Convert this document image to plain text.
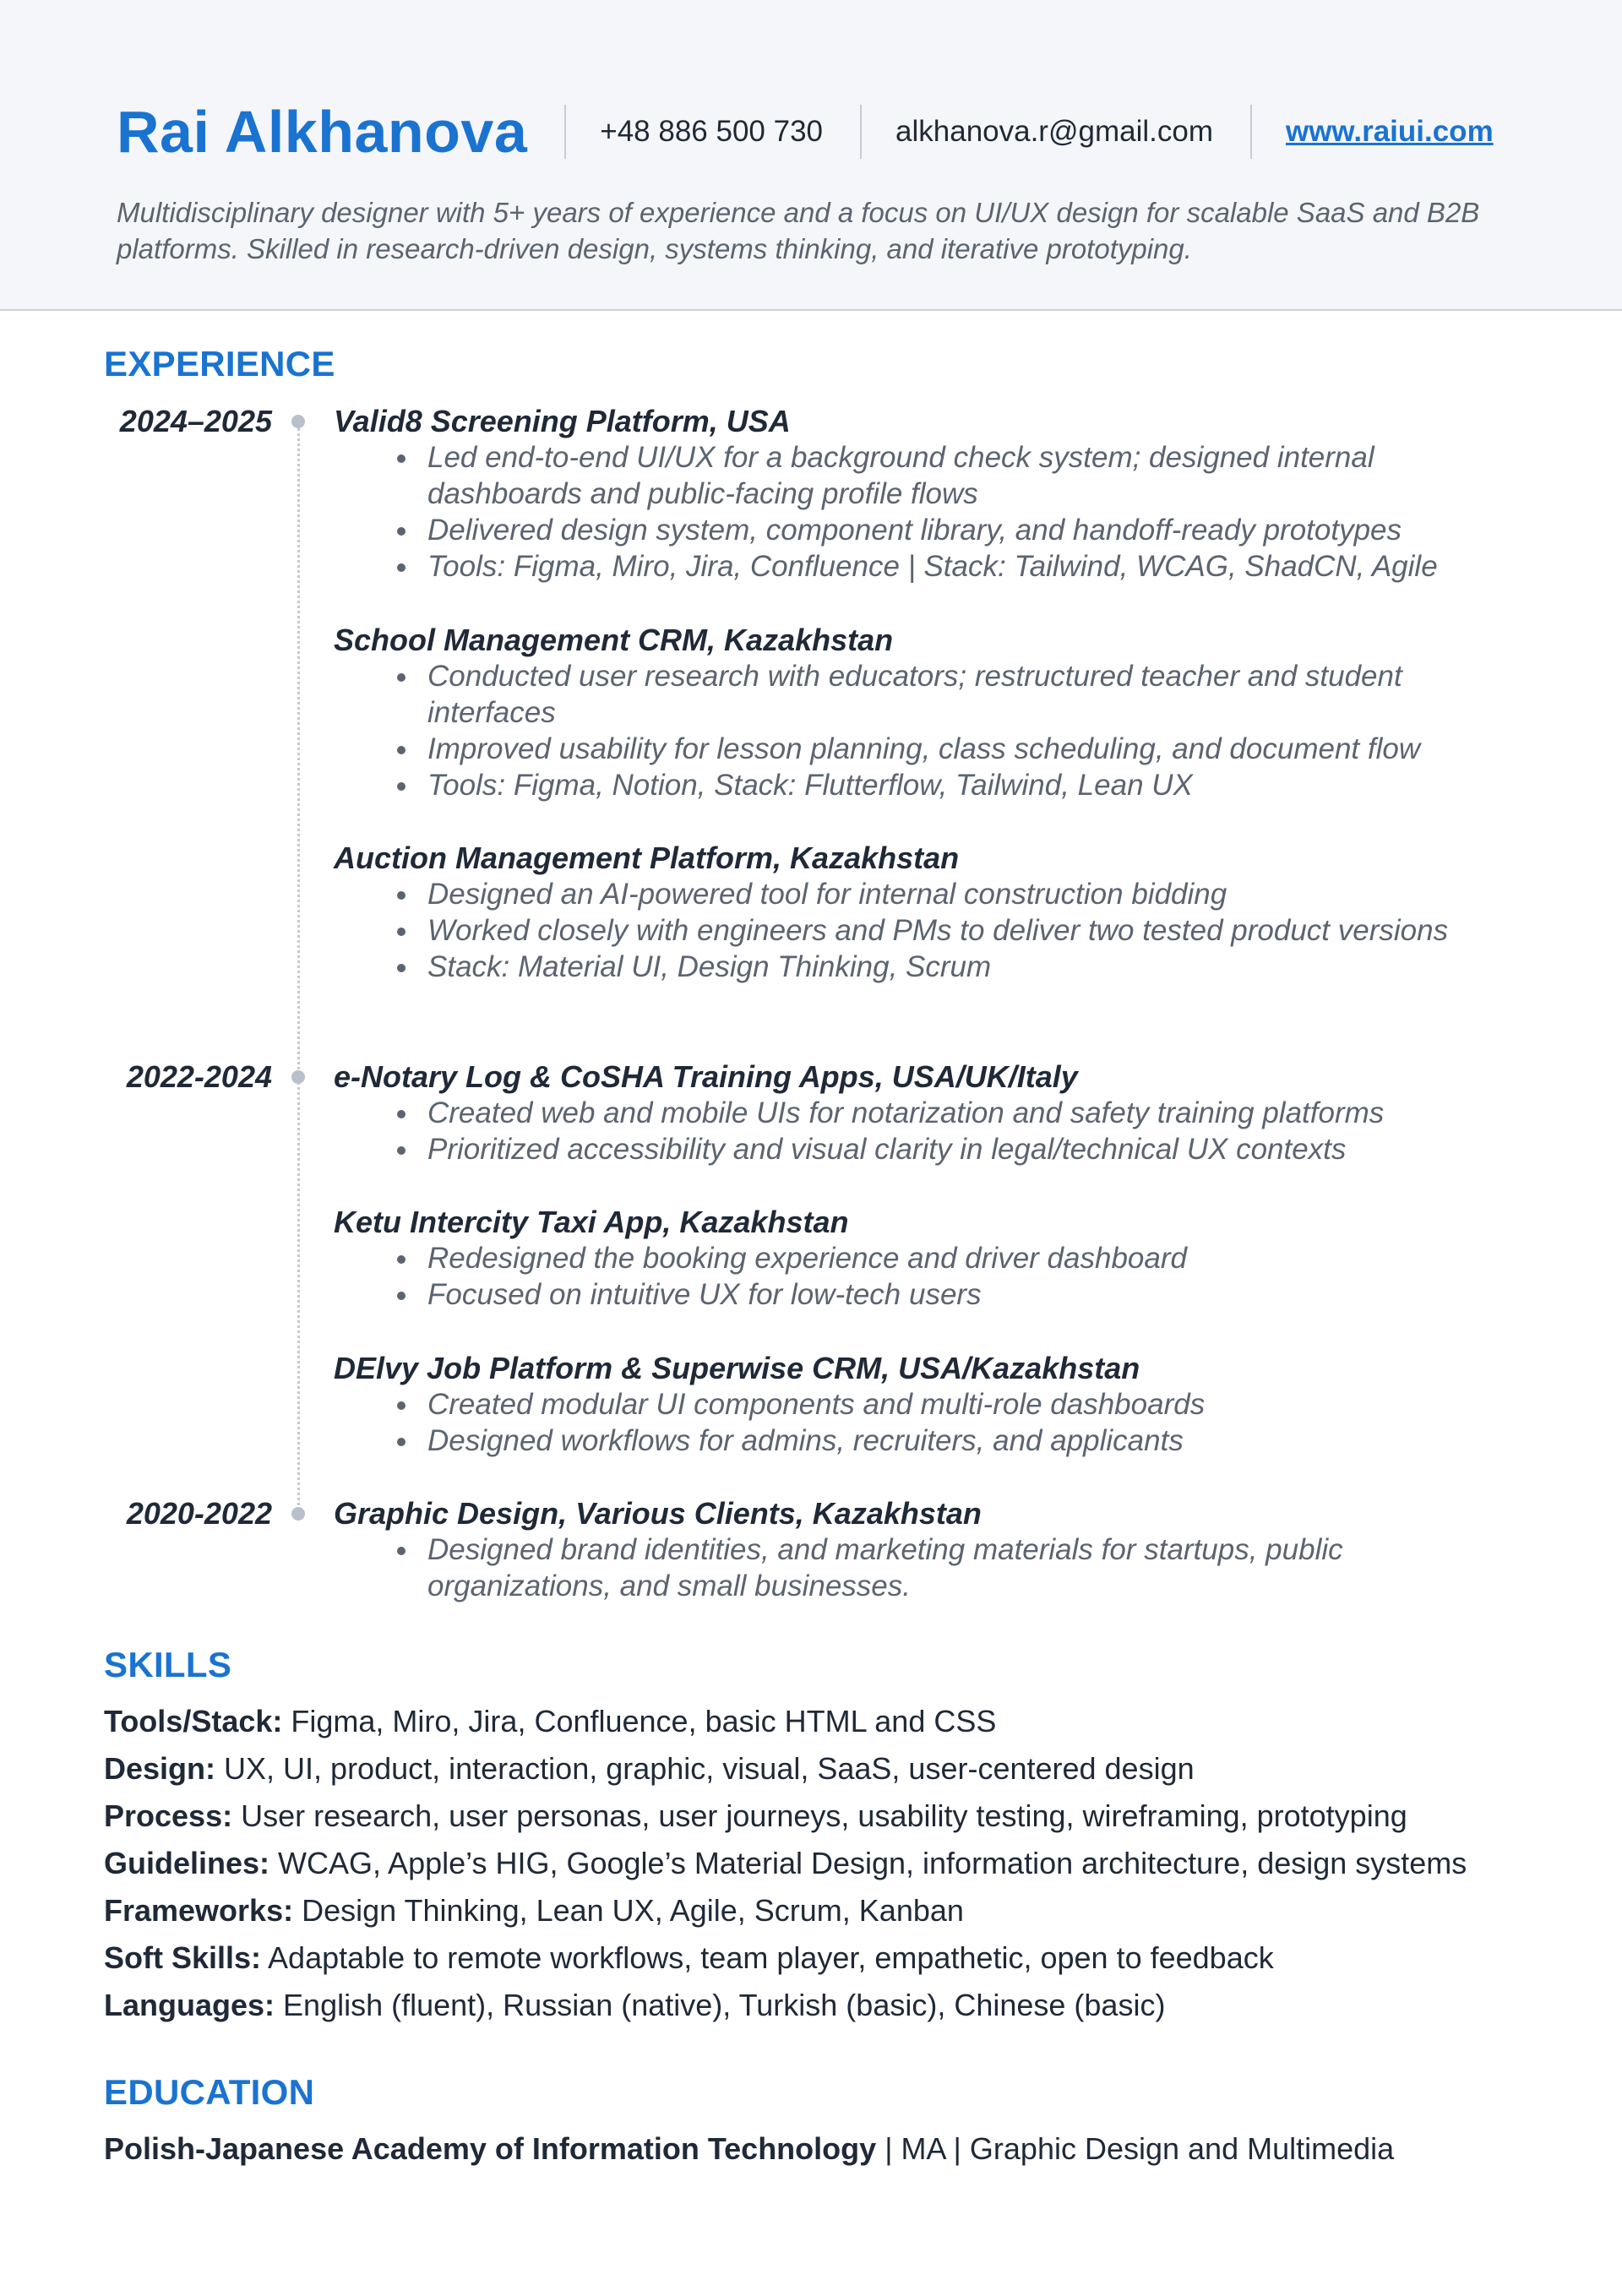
Rai Alkhanova +48 886 500 730 alkhanova.r@gmail.com www.raiui.com
Multidisciplinary designer with 5+ years of experience and a focus on UI/UX design for scalable SaaS and B2B platforms. Skilled in research-driven design, systems thinking, and iterative prototyping.
EXPERIENCE
2024–2025 Valid8 Screening Platform, USA
Led end-to-end UI/UX for a background check system; designed internal dashboards and public-facing profile flows
Delivered design system, component library, and handoff-ready prototypes
Tools: Figma, Miro, Jira, Confluence | Stack: Tailwind, WCAG, ShadCN, Agile
School Management CRM, Kazakhstan
Conducted user research with educators; restructured teacher and student interfaces
Improved usability for lesson planning, class scheduling, and document flow
Tools: Figma, Notion, Stack: Flutterflow, Tailwind, Lean UX
Auction Management Platform, Kazakhstan
Designed an AI-powered tool for internal construction bidding
Worked closely with engineers and PMs to deliver two tested product versions
Stack: Material UI, Design Thinking, Scrum
2022-2024 e-Notary Log & CoSHA Training Apps, USA/UK/Italy
Created web and mobile UIs for notarization and safety training platforms
Prioritized accessibility and visual clarity in legal/technical UX contexts
Ketu Intercity Taxi App, Kazakhstan
Redesigned the booking experience and driver dashboard
Focused on intuitive UX for low-tech users
DElvy Job Platform & Superwise CRM, USA/Kazakhstan
Created modular UI components and multi-role dashboards
Designed workflows for admins, recruiters, and applicants
2020-2022 Graphic Design, Various Clients, Kazakhstan
Designed brand identities, and marketing materials for startups, public organizations, and small businesses.
SKILLS
Tools/Stack: Figma, Miro, Jira, Confluence, basic HTML and CSS
Design: UX, UI, product, interaction, graphic, visual, SaaS, user-centered design
Process: User research, user personas, user journeys, usability testing, wireframing, prototyping
Guidelines: WCAG, Apple’s HIG, Google’s Material Design, information architecture, design systems
Frameworks: Design Thinking, Lean UX, Agile, Scrum, Kanban
Soft Skills: Adaptable to remote workflows, team player, empathetic, open to feedback
Languages: English (fluent), Russian (native), Turkish (basic), Chinese (basic)
EDUCATION
Polish-Japanese Academy of Information Technology | MA | Graphic Design and Multimedia
